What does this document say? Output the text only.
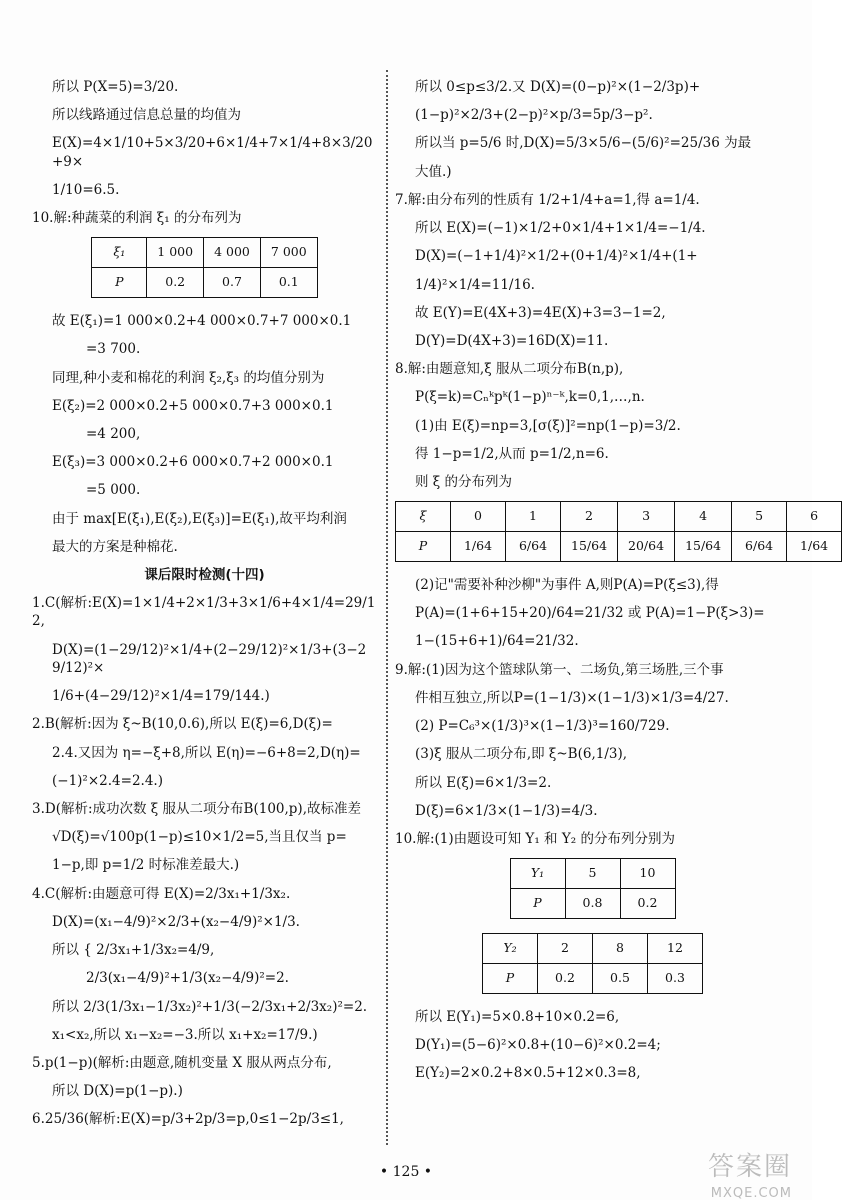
所以 P(X=5)=3/20.
所以线路通过信息总量的均值为
E(X)=4×1/10+5×3/20+6×1/4+7×1/4+8×3/20+9×
1/10=6.5.
10.解:种蔬菜的利润 ξ₁ 的分布列为
ξ₁	1 000	4 000	7 000
P	0.2	0.7	0.1
故 E(ξ₁)=1 000×0.2+4 000×0.7+7 000×0.1
=3 700.
同理,种小麦和棉花的利润 ξ₂,ξ₃ 的均值分别为
E(ξ₂)=2 000×0.2+5 000×0.7+3 000×0.1
=4 200,
E(ξ₃)=3 000×0.2+6 000×0.7+2 000×0.1
=5 000.
由于 max[E(ξ₁),E(ξ₂),E(ξ₃)]=E(ξ₁),故平均利润
最大的方案是种棉花.
课后限时检测(十四)
1.C(解析:E(X)=1×1/4+2×1/3+3×1/6+4×1/4=29/12,
D(X)=(1−29/12)²×1/4+(2−29/12)²×1/3+(3−29/12)²×
1/6+(4−29/12)²×1/4=179/144.)
2.B(解析:因为 ξ~B(10,0.6),所以 E(ξ)=6,D(ξ)=
2.4.又因为 η=−ξ+8,所以 E(η)=−6+8=2,D(η)=
(−1)²×2.4=2.4.)
3.D(解析:成功次数 ξ 服从二项分布B(100,p),故标准差
√D(ξ)=√100p(1−p)≤10×1/2=5,当且仅当 p=
1−p,即 p=1/2 时标准差最大.)
4.C(解析:由题意可得 E(X)=2/3x₁+1/3x₂.
D(X)=(x₁−4/9)²×2/3+(x₂−4/9)²×1/3.
所以 { 2/3x₁+1/3x₂=4/9,
2/3(x₁−4/9)²+1/3(x₂−4/9)²=2.
所以 2/3(1/3x₁−1/3x₂)²+1/3(−2/3x₁+2/3x₂)²=2.
x₁<x₂,所以 x₁−x₂=−3.所以 x₁+x₂=17/9.)
5.p(1−p)(解析:由题意,随机变量 X 服从两点分布,
所以 D(X)=p(1−p).)
6.25/36(解析:E(X)=p/3+2p/3=p,0≤1−2p/3≤1,
所以 0≤p≤3/2.又 D(X)=(0−p)²×(1−2/3p)+
(1−p)²×2/3+(2−p)²×p/3=5p/3−p².
所以当 p=5/6 时,D(X)=5/3×5/6−(5/6)²=25/36 为最
大值.)
7.解:由分布列的性质有 1/2+1/4+a=1,得 a=1/4.
所以 E(X)=(−1)×1/2+0×1/4+1×1/4=−1/4.
D(X)=(−1+1/4)²×1/2+(0+1/4)²×1/4+(1+
1/4)²×1/4=11/16.
故 E(Y)=E(4X+3)=4E(X)+3=3−1=2,
D(Y)=D(4X+3)=16D(X)=11.
8.解:由题意知,ξ 服从二项分布B(n,p),
P(ξ=k)=Cₙᵏpᵏ(1−p)ⁿ⁻ᵏ,k=0,1,…,n.
(1)由 E(ξ)=np=3,[σ(ξ)]²=np(1−p)=3/2.
得 1−p=1/2,从而 p=1/2,n=6.
则 ξ 的分布列为
ξ	0	1	2	3	4	5	6
P	1/64	6/64	15/64	20/64	15/64	6/64	1/64
(2)记"需要补种沙柳"为事件 A,则P(A)=P(ξ≤3),得
P(A)=(1+6+15+20)/64=21/32 或 P(A)=1−P(ξ>3)=
1−(15+6+1)/64=21/32.
9.解:(1)因为这个篮球队第一、二场负,第三场胜,三个事
件相互独立,所以P=(1−1/3)×(1−1/3)×1/3=4/27.
(2) P=C₆³×(1/3)³×(1−1/3)³=160/729.
(3)ξ 服从二项分布,即 ξ~B(6,1/3),
所以 E(ξ)=6×1/3=2.
D(ξ)=6×1/3×(1−1/3)=4/3.
10.解:(1)由题设可知 Y₁ 和 Y₂ 的分布列分别为
Y₁	5	10
P	0.8	0.2
Y₂	2	8	12
P	0.2	0.5	0.3
所以 E(Y₁)=5×0.8+10×0.2=6,
D(Y₁)=(5−6)²×0.8+(10−6)²×0.2=4;
E(Y₂)=2×0.2+8×0.5+12×0.3=8,
• 125 •	答案圈
MXQE.COM
